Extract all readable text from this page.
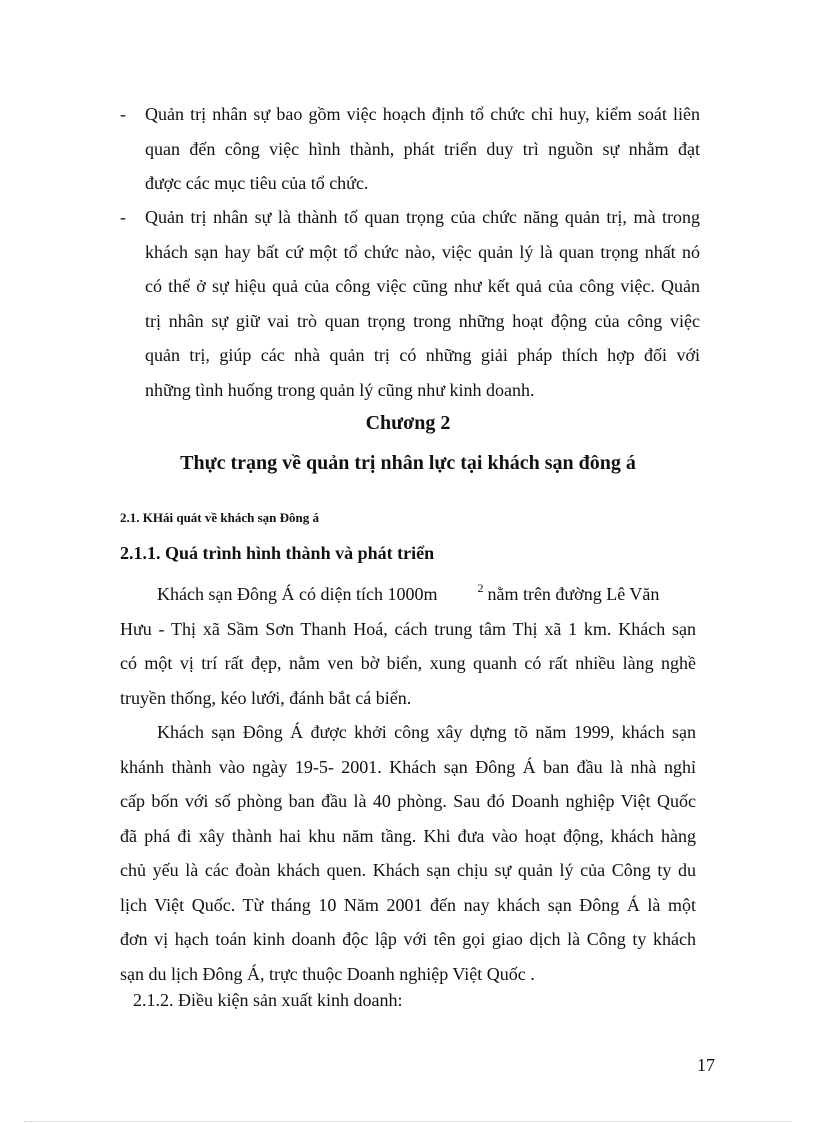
- Quản trị nhân sự bao gồm việc hoạch định tổ chức chỉ huy, kiểm soát liên
quan đến công việc hình thành, phát triển duy trì nguồn sự nhằm đạt
được các mục tiêu của tổ chức.
- Quản trị nhân sự là thành tố quan trọng của chức năng quản trị, mà trong
khách sạn hay bất cứ một tổ chức nào, việc quản lý là quan trọng nhất nó
có thể ở sự hiệu quả của công việc cũng như kết quả của công việc. Quản
trị nhân sự giữ vai trò quan trọng trong những hoạt động của công việc
quản trị, giúp các nhà quản trị có những giải pháp thích hợp đối với
những tình huống trong quản lý cũng như kinh doanh.
Chương 2
Thực trạng về quản trị nhân lực tại khách sạn đông á
2.1. KHái quát về khách sạn Đông á
2.1.1. Quá trình hình thành và phát triển
Khách sạn Đông Á có diện tích 1000m	$^2$ nằm trên đường Lê Văn
Hưu - Thị xã Sầm Sơn Thanh Hoá, cách trung tâm Thị xã 1 km. Khách sạn
có một vị trí rất đẹp, nằm ven bờ biển, xung quanh có rất nhiều làng nghề
truyền thống, kéo lưới, đánh bắt cá biển.
Khách sạn Đông Á được khởi công xây dựng tõ năm 1999, khách sạn
khánh thành vào ngày 19-5- 2001. Khách sạn Đông Á ban đầu là nhà nghỉ
cấp bốn với số phòng ban đầu là 40 phòng. Sau đó Doanh nghiệp Việt Quốc
đã phá đi xây thành hai khu năm tầng. Khi đưa vào hoạt động, khách hàng
chủ yếu là các đoàn khách quen. Khách sạn chịu sự quản lý của Công ty du
lịch Việt Quốc. Từ tháng 10 Năm 2001 đến nay khách sạn Đông Á là một
đơn vị hạch toán kinh doanh độc lập với tên gọi giao dịch là Công ty khách
sạn du lịch Đông Á, trực thuộc Doanh nghiệp Việt Quốc .
2.1.2. Điều kiện sản xuất kinh doanh:
17
